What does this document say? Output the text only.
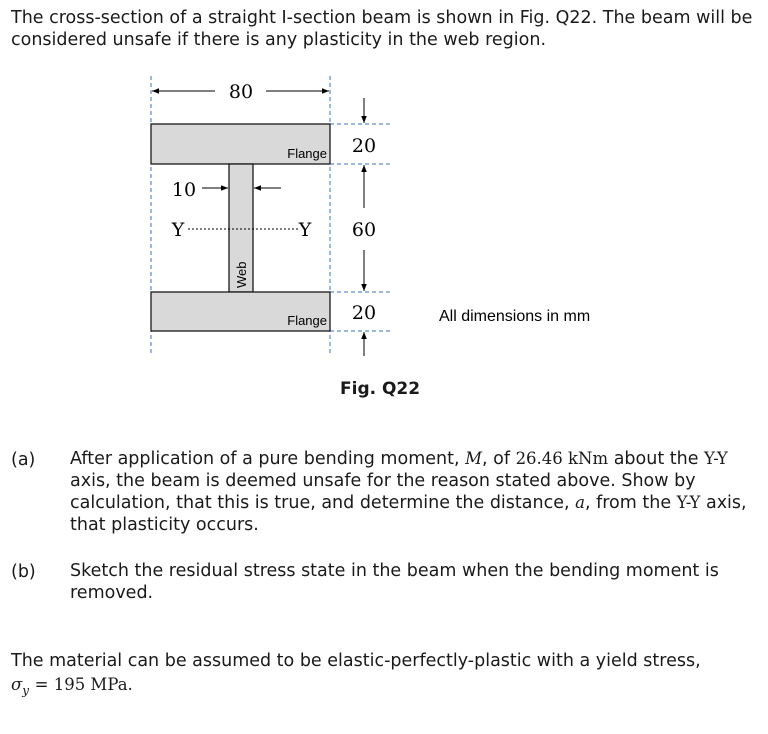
The cross-section of a straight I-section beam is shown in Fig. Q22. The beam will be considered unsafe if there is any plasticity in the web region.
80
10
20
60
20
Y	Y
Flange
Flange
Web
All dimensions in mm
Fig. Q22
(a) After application of a pure bending moment, M, of 26.46 kNm about the Y-Y axis, the beam is deemed unsafe for the reason stated above. Show by calculation, that this is true, and determine the distance, a, from the Y-Y axis, that plasticity occurs.
(b) Sketch the residual stress state in the beam when the bending moment is removed.
The material can be assumed to be elastic-perfectly-plastic with a yield stress,
$\sigma_y = 195$ MPa.
